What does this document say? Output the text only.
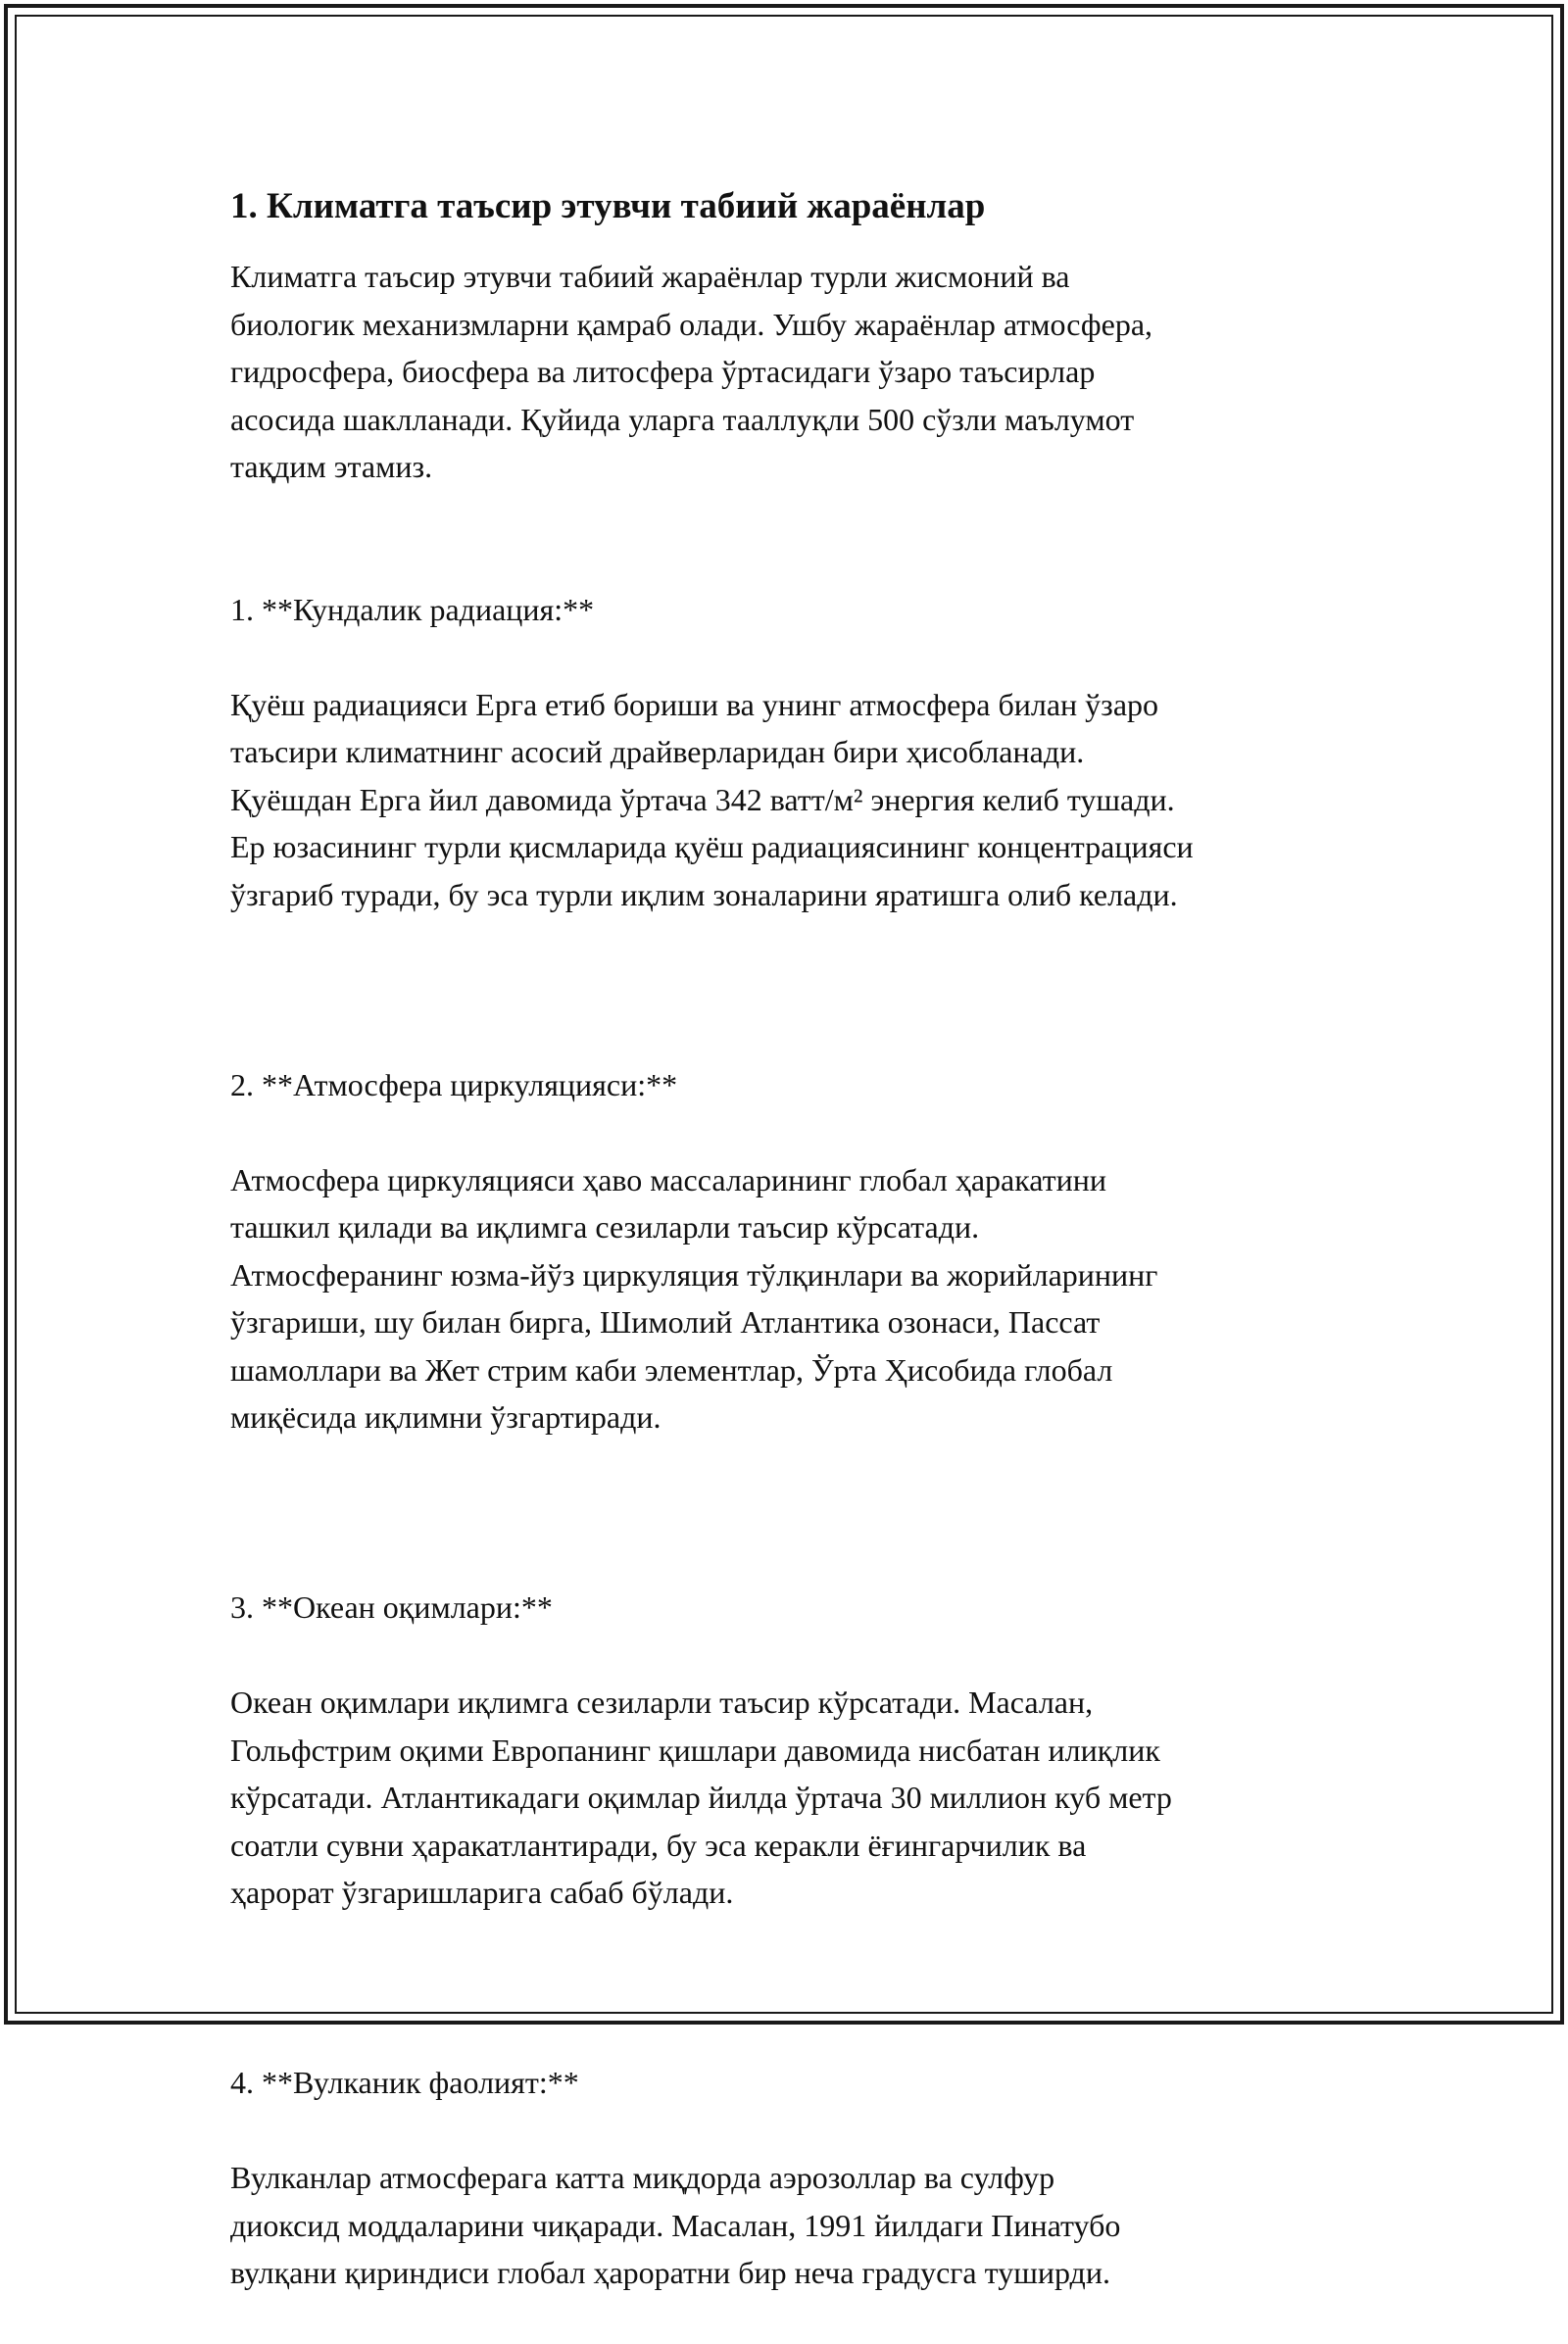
1. Климатга таъсир этувчи табиий жараёнлар

Климатга таъсир этувчи табиий жараёнлар турли жисмоний ва
биологик механизмларни қамраб олади. Ушбу жараёнлар атмосфера,
гидросфера, биосфера ва литосфера ўртасидаги ўзаро таъсирлар
асосида шаклланади. Қуйида уларга тааллуқли 500 сўзли маълумот
тақдим этамиз.

1. **Кундалик радиация:**

Қуёш радиацияси Ерга етиб бориши ва унинг атмосфера билан ўзаро
таъсири климатнинг асосий драйверларидан бири ҳисобланади.
Қуёшдан Ерга йил давомида ўртача 342 ватт/м² энергия келиб тушади.
Ер юзасининг турли қисмларида қуёш радиациясининг концентрацияси
ўзгариб туради, бу эса турли иқлим зоналарини яратишга олиб келади.

2. **Атмосфера циркуляцияси:**

Атмосфера циркуляцияси ҳаво массаларининг глобал ҳаракатини
ташкил қилади ва иқлимга сезиларли таъсир кўрсатади.
Атмосферанинг юзма-йўз циркуляция тўлқинлари ва жорийларининг
ўзгариши, шу билан бирга, Шимолий Атлантика озонаси, Пассат
шамоллари ва Жет стрим каби элементлар, Ўрта Ҳисобида глобал
миқёсида иқлимни ўзгартиради.

3. **Океан оқимлари:**

Океан оқимлари иқлимга сезиларли таъсир кўрсатади. Масалан,
Гольфстрим оқими Европанинг қишлари давомида нисбатан илиқлик
кўрсатади. Атлантикадаги оқимлар йилда ўртача 30 миллион куб метр
соатли сувни ҳаракатлантиради, бу эса керакли ёғингарчилик ва
ҳарорат ўзгаришларига сабаб бўлади.

4. **Вулканик фаолият:**

Вулканлар атмосферага катта миқдорда аэрозоллар ва сулфур
диоксид моддаларини чиқаради. Масалан, 1991 йилдаги Пинатубо
вулқани қириндиси глобал ҳароратни бир неча градусга туширди.
